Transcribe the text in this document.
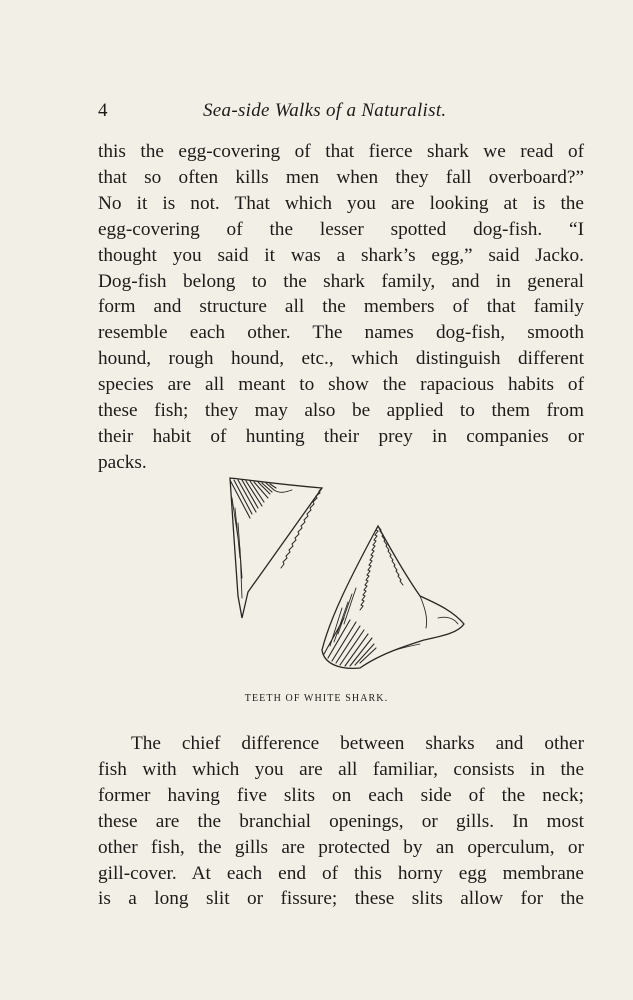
4	Sea-side Walks of a Naturalist.

this the egg-covering of that fierce shark we read of
that so often kills men when they fall overboard?”
No it is not. That which you are looking at is the
egg-covering of the lesser spotted dog-fish. “I
thought you said it was a shark’s egg,” said Jacko.
Dog-fish belong to the shark family, and in general
form and structure all the members of that family
resemble each other. The names dog-fish, smooth
hound, rough hound, etc., which distinguish different
species are all meant to show the rapacious habits of
these fish; they may also be applied to them from
their habit of hunting their prey in companies or
packs.

TEETH OF WHITE SHARK.

The chief difference between sharks and other
fish with which you are all familiar, consists in the
former having five slits on each side of the neck;
these are the branchial openings, or gills. In most
other fish, the gills are protected by an operculum, or
gill-cover. At each end of this horny egg membrane
is a long slit or fissure; these slits allow for the
